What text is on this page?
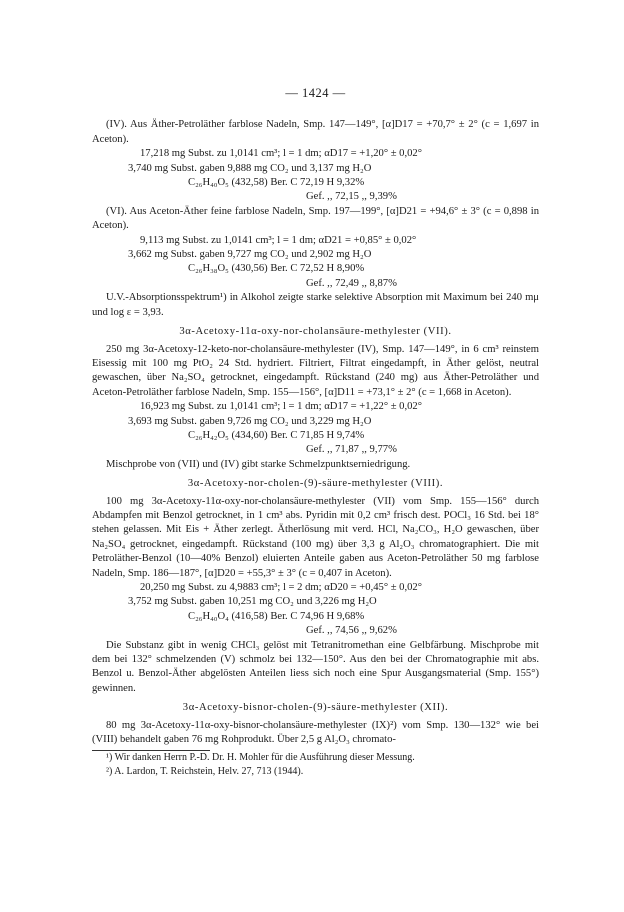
— 1424 —

(IV). Aus Äther-Petroläther farblose Nadeln, Smp. 147—149°, [α]D17 = +70,7° ± 2° (c = 1,697 in Aceton).

17,218 mg Subst. zu 1,0141 cm³; l = 1 dm; αD17 = +1,20° ± 0,02°

3,740 mg Subst. gaben 9,888 mg CO₂ und 3,137 mg H₂O

C₂₆H₄₀O₅ (432,58) Ber. C 72,19 H 9,32%

Gef. ,, 72,15 ,, 9,39%

(VI). Aus Aceton-Äther feine farblose Nadeln, Smp. 197—199°, [α]D21 = +94,6° ± 3° (c = 0,898 in Aceton).

9,113 mg Subst. zu 1,0141 cm³; l = 1 dm; αD21 = +0,85° ± 0,02°

3,662 mg Subst. gaben 9,727 mg CO₂ und 2,902 mg H₂O

C₂₆H₃₈O₅ (430,56) Ber. C 72,52 H 8,90%

Gef. ,, 72,49 ,, 8,87%

U.V.-Absorptionsspektrum¹) in Alkohol zeigte starke selektive Absorption mit Maximum bei 240 mμ und log ε = 3,93.

3α-Acetoxy-11α-oxy-nor-cholansäure-methylester (VII).

250 mg 3α-Acetoxy-12-keto-nor-cholansäure-methylester (IV), Smp. 147—149°, in 6 cm³ reinstem Eisessig mit 100 mg PtO₂ 24 Std. hydriert. Filtriert, Filtrat eingedampft, in Äther gelöst, neutral gewaschen, über Na₂SO₄ getrocknet, eingedampft. Rückstand (240 mg) aus Äther-Petroläther und Aceton-Petroläther farblose Nadeln, Smp. 155—156°, [α]D11 = +73,1° ± 2° (c = 1,668 in Aceton).

16,923 mg Subst. zu 1,0141 cm³; l = 1 dm; αD17 = +1,22° ± 0,02°

3,693 mg Subst. gaben 9,726 mg CO₂ und 3,229 mg H₂O

C₂₆H₄₂O₅ (434,60) Ber. C 71,85 H 9,74%

Gef. ,, 71,87 ,, 9,77%

Mischprobe von (VII) und (IV) gibt starke Schmelzpunktserniedrigung.

3α-Acetoxy-nor-cholen-(9)-säure-methylester (VIII).

100 mg 3α-Acetoxy-11α-oxy-nor-cholansäure-methylester (VII) vom Smp. 155—156° durch Abdampfen mit Benzol getrocknet, in 1 cm³ abs. Pyridin mit 0,2 cm³ frisch dest. POCl₃ 16 Std. bei 18° stehen gelassen. Mit Eis + Äther zerlegt. Ätherlösung mit verd. HCl, Na₂CO₃, H₂O gewaschen, über Na₂SO₄ getrocknet, eingedampft. Rückstand (100 mg) über 3,3 g Al₂O₃ chromatographiert. Die mit Petroläther-Benzol (10—40% Benzol) eluierten Anteile gaben aus Aceton-Petroläther 50 mg farblose Nadeln, Smp. 186—187°, [α]D20 = +55,3° ± 3° (c = 0,407 in Aceton).

20,250 mg Subst. zu 4,9883 cm³; l = 2 dm; αD20 = +0,45° ± 0,02°

3,752 mg Subst. gaben 10,251 mg CO₂ und 3,226 mg H₂O

C₂₆H₄₀O₄ (416,58) Ber. C 74,96 H 9,68%

Gef. ,, 74,56 ,, 9,62%

Die Substanz gibt in wenig CHCl₃ gelöst mit Tetranitromethan eine Gelbfärbung. Mischprobe mit dem bei 132° schmelzenden (V) schmolz bei 132—150°. Aus den bei der Chromatographie mit abs. Benzol u. Benzol-Äther abgelösten Anteilen liess sich noch eine Spur Ausgangsmaterial (Smp. 155°) gewinnen.

3α-Acetoxy-bisnor-cholen-(9)-säure-methylester (XII).

80 mg 3α-Acetoxy-11α-oxy-bisnor-cholansäure-methylester (IX)²) vom Smp. 130—132° wie bei (VIII) behandelt gaben 76 mg Rohprodukt. Über 2,5 g Al₂O₃ chromato-

¹) Wir danken Herrn P.-D. Dr. H. Mohler für die Ausführung dieser Messung.

²) A. Lardon, T. Reichstein, Helv. 27, 713 (1944).
